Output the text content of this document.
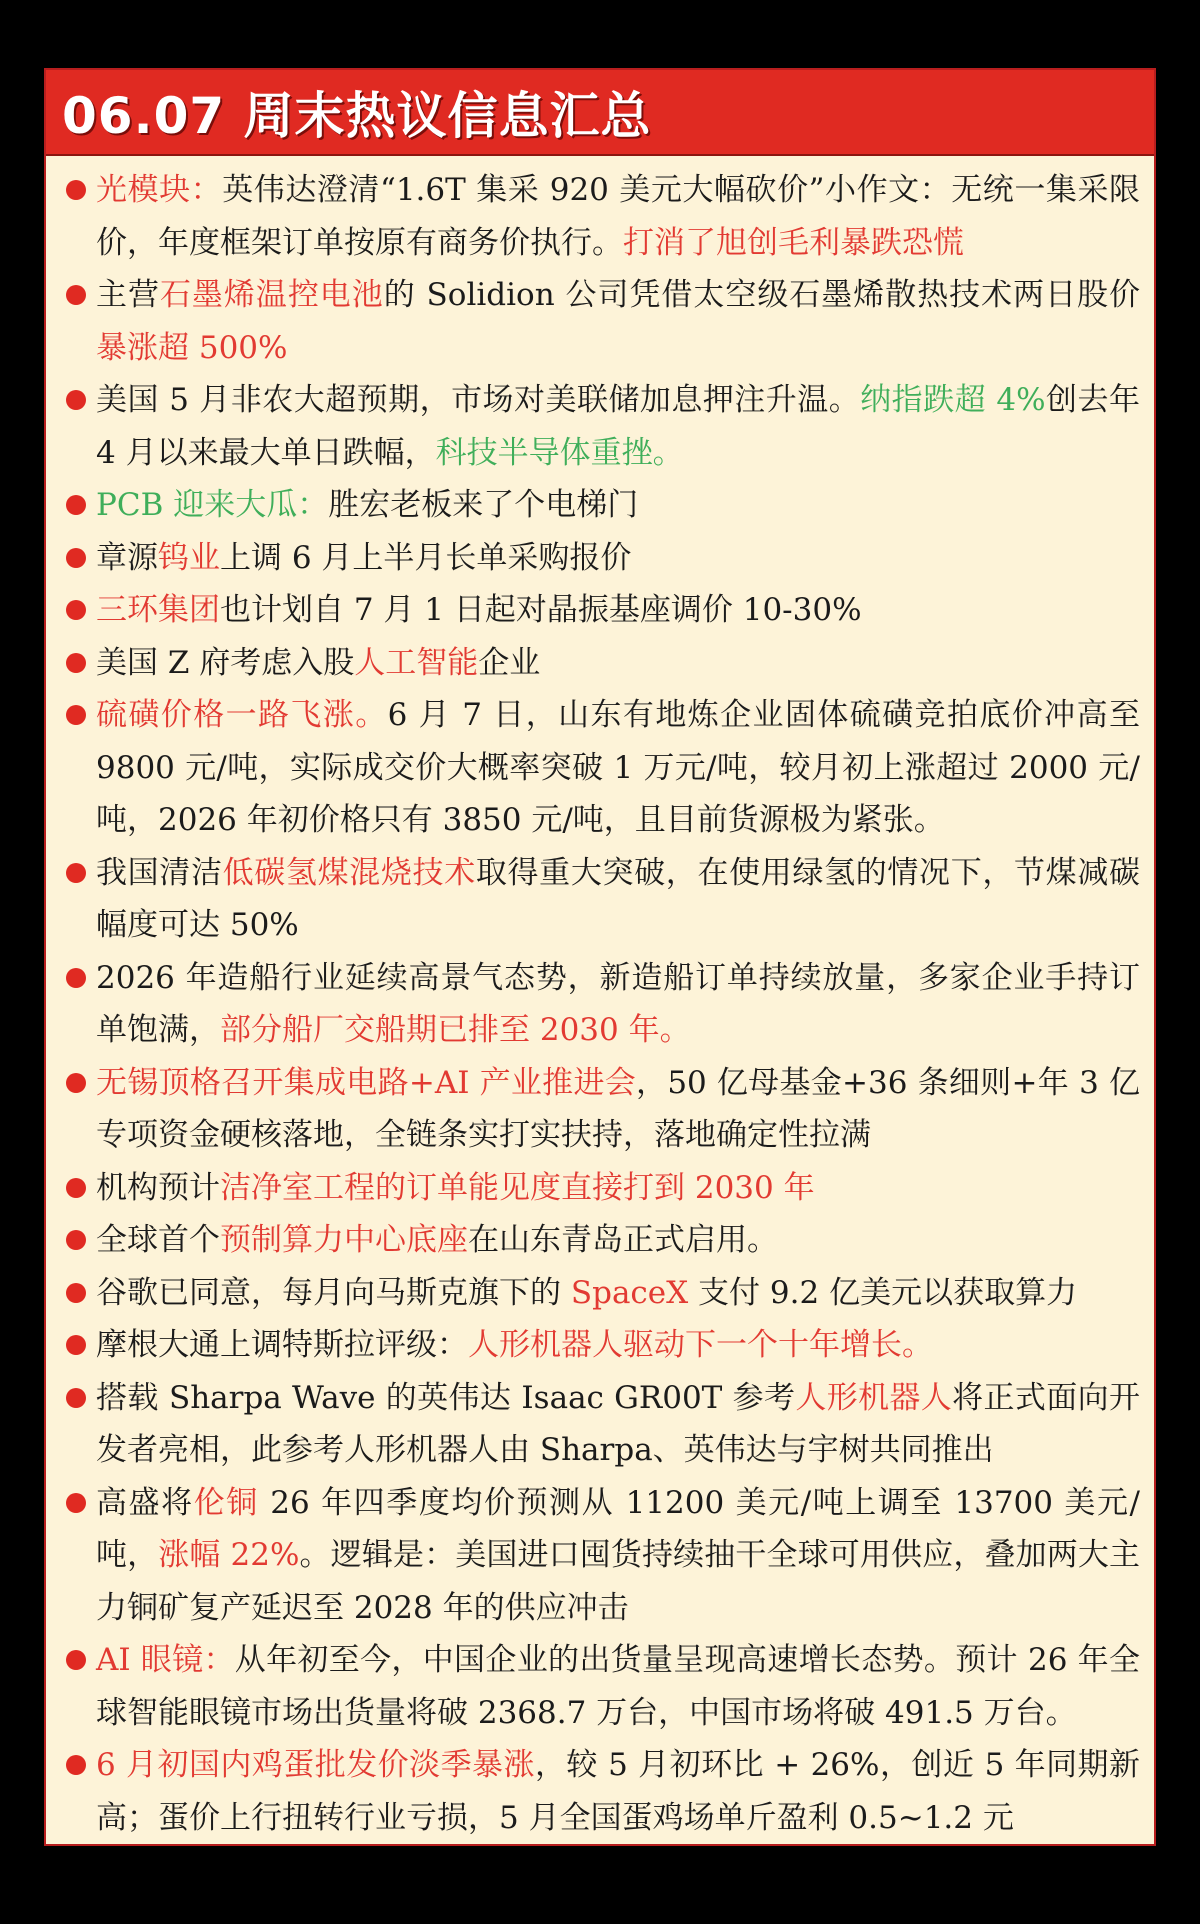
06.07 周末热议信息汇总
光模块：英伟达澄清“1.6T 集采 920 美元大幅砍价”小作文：无统一集采限价，年度框架订单按原有商务价执行。打消了旭创毛利暴跌恐慌
主营石墨烯温控电池的 Solidion 公司凭借太空级石墨烯散热技术两日股价暴涨超 500%
美国 5 月非农大超预期，市场对美联储加息押注升温。纳指跌超 4%创去年 4 月以来最大单日跌幅，科技半导体重挫。
PCB 迎来大瓜：胜宏老板来了个电梯门
章源钨业上调 6 月上半月长单采购报价
三环集团也计划自 7 月 1 日起对晶振基座调价 10-30%
美国 Z 府考虑入股人工智能企业
硫磺价格一路飞涨。6 月 7 日，山东有地炼企业固体硫磺竞拍底价冲高至 9800 元/吨，实际成交价大概率突破 1 万元/吨，较月初上涨超过 2000 元/吨，2026 年初价格只有 3850 元/吨，且目前货源极为紧张。
我国清洁低碳氢煤混烧技术取得重大突破，在使用绿氢的情况下，节煤减碳幅度可达 50%
2026 年造船行业延续高景气态势，新造船订单持续放量，多家企业手持订单饱满，部分船厂交船期已排至 2030 年。
无锡顶格召开集成电路+AI 产业推进会，50 亿母基金+36 条细则+年 3 亿专项资金硬核落地，全链条实打实扶持，落地确定性拉满
机构预计洁净室工程的订单能见度直接打到 2030 年
全球首个预制算力中心底座在山东青岛正式启用。
谷歌已同意，每月向马斯克旗下的 SpaceX 支付 9.2 亿美元以获取算力
摩根大通上调特斯拉评级：人形机器人驱动下一个十年增长。
搭载 Sharpa Wave 的英伟达 Isaac GR00T 参考人形机器人将正式面向开发者亮相，此参考人形机器人由 Sharpa、英伟达与宇树共同推出
高盛将伦铜 26 年四季度均价预测从 11200 美元/吨上调至 13700 美元/吨，涨幅 22%。逻辑是：美国进口囤货持续抽干全球可用供应，叠加两大主力铜矿复产延迟至 2028 年的供应冲击
AI 眼镜：从年初至今，中国企业的出货量呈现高速增长态势。预计 26 年全球智能眼镜市场出货量将破 2368.7 万台，中国市场将破 491.5 万台。
6 月初国内鸡蛋批发价淡季暴涨，较 5 月初环比 + 26%，创近 5 年同期新高；蛋价上行扭转行业亏损，5 月全国蛋鸡场单斤盈利 0.5~1.2 元
